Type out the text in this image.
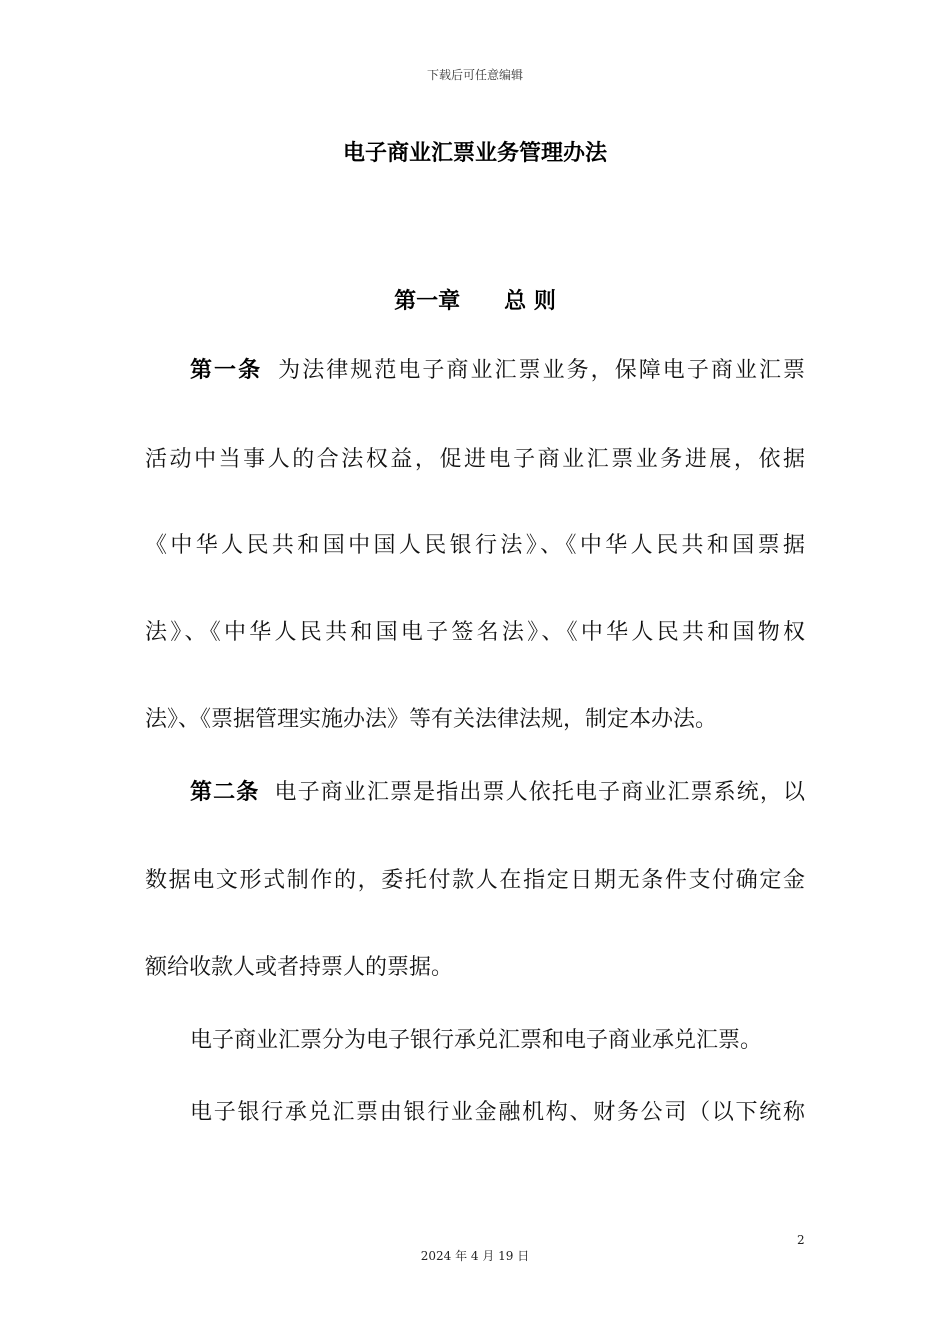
下载后可任意编辑
电子商业汇票业务管理办法
第一章 总 则
第一条 为法律规范电子商业汇票业务，保障电子商业汇票
活动中当事人的合法权益，促进电子商业汇票业务进展，依据
《中华人民共和国中国人民银行法》、《中华人民共和国票据
法》、《中华人民共和国电子签名法》、《中华人民共和国物权
法》、《票据管理实施办法》等有关法律法规，制定本办法。
第二条 电子商业汇票是指出票人依托电子商业汇票系统，以
数据电文形式制作的，委托付款人在指定日期无条件支付确定金
额给收款人或者持票人的票据。
电子商业汇票分为电子银行承兑汇票和电子商业承兑汇票。
电子银行承兑汇票由银行业金融机构、财务公司（以下统称
2
2024 年 4 月 19 日
